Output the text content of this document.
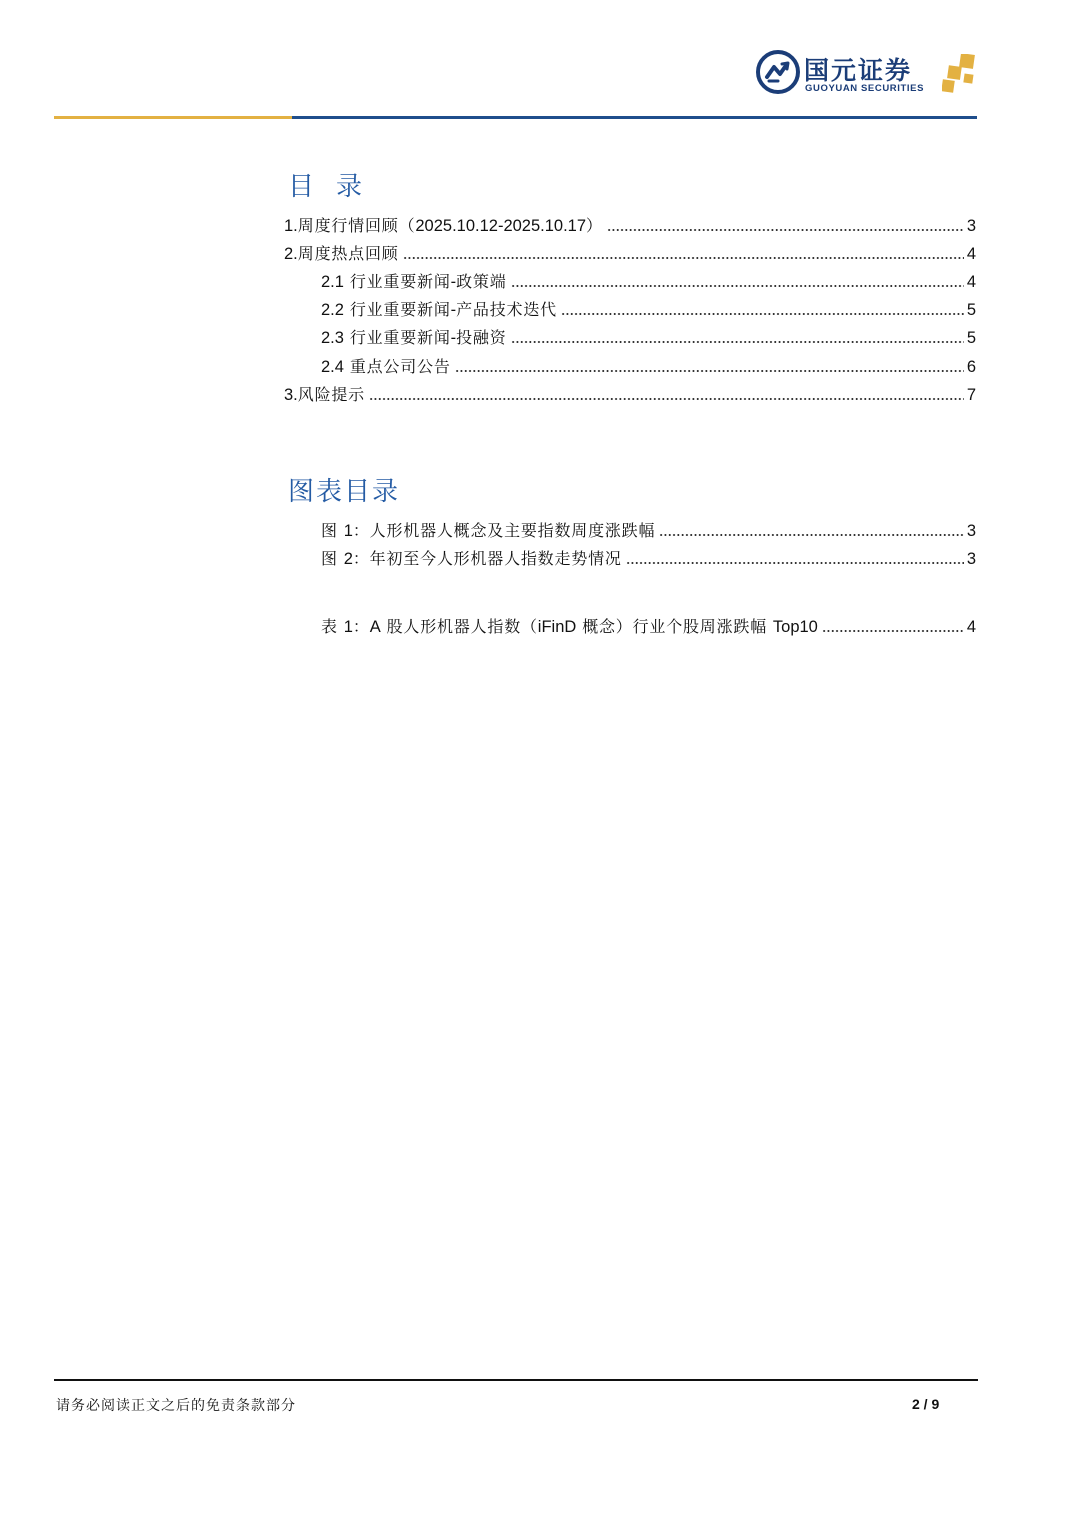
国元证券
GUOYUAN SECURITIES
目录
1.周度行情回顾（2025.10.12-2025.10.17）	3
2.周度热点回顾	4
2.1 行业重要新闻-政策端	4
2.2 行业重要新闻-产品技术迭代	5
2.3 行业重要新闻-投融资	5
2.4 重点公司公告	6
3.风险提示	7
图表目录
图 1：人形机器人概念及主要指数周度涨跌幅	3
图 2：年初至今人形机器人指数走势情况	3
表 1：A 股人形机器人指数（iFinD 概念）行业个股周涨跌幅 Top10	4
请务必阅读正文之后的免责条款部分	2 / 9
